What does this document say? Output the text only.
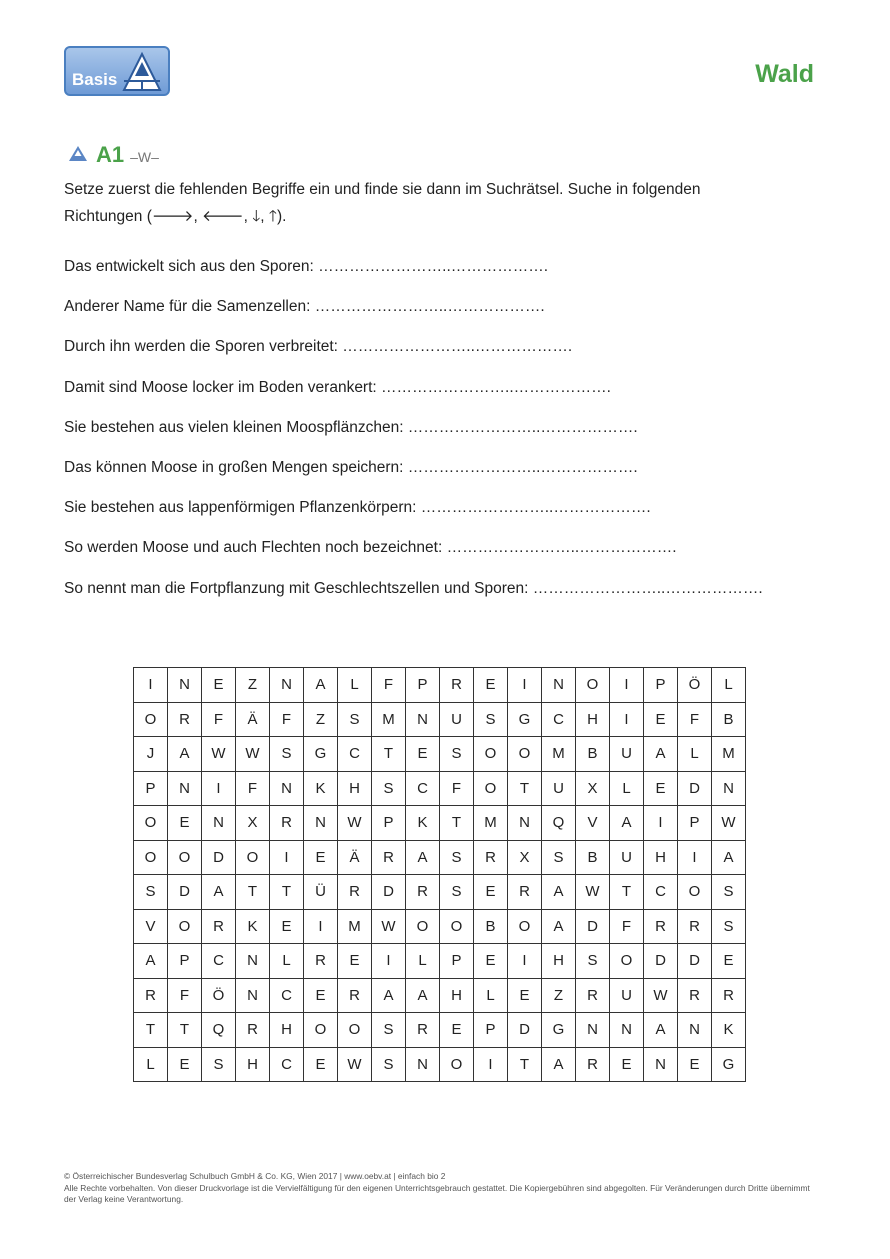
Basis	Wald
A1 –W–
Setze zuerst die fehlenden Begriffe ein und finde sie dann im Suchrätsel. Suche in folgenden
Richtungen (🡒, 🡐, 🡓, 🡑).
Das entwickelt sich aus den Sporen: ……………………..……………….
Anderer Name für die Samenzellen: ……………………..……………….
Durch ihn werden die Sporen verbreitet: ……………………..……………….
Damit sind Moose locker im Boden verankert: ……………………..……………….
Sie bestehen aus vielen kleinen Moospflänzchen: ……………………..……………….
Das können Moose in großen Mengen speichern: ……………………..……………….
Sie bestehen aus lappenförmigen Pflanzenkörpern: ……………………..……………….
So werden Moose und auch Flechten noch bezeichnet: ……………………..……………….
So nennt man die Fortpflanzung mit Geschlechtszellen und Sporen: ……………………..……………….
I	N	E	Z	N	A	L	F	P	R	E	I	N	O	I	P	Ö	L
O	R	F	Ä	F	Z	S	M	N	U	S	G	C	H	I	E	F	B
J	A	W	W	S	G	C	T	E	S	O	O	M	B	U	A	L	M
P	N	I	F	N	K	H	S	C	F	O	T	U	X	L	E	D	N
O	E	N	X	R	N	W	P	K	T	M	N	Q	V	A	I	P	W
O	O	D	O	I	E	Ä	R	A	S	R	X	S	B	U	H	I	A
S	D	A	T	T	Ü	R	D	R	S	E	R	A	W	T	C	O	S
V	O	R	K	E	I	M	W	O	O	B	O	A	D	F	R	R	S
A	P	C	N	L	R	E	I	L	P	E	I	H	S	O	D	D	E
R	F	Ö	N	C	E	R	A	A	H	L	E	Z	R	U	W	R	R
T	T	Q	R	H	O	O	S	R	E	P	D	G	N	N	A	N	K
L	E	S	H	C	E	W	S	N	O	I	T	A	R	E	N	E	G
© Österreichischer Bundesverlag Schulbuch GmbH & Co. KG, Wien 2017 | www.oebv.at | einfach bio 2
Alle Rechte vorbehalten. Von dieser Druckvorlage ist die Vervielfältigung für den eigenen Unterrichtsgebrauch gestattet. Die Kopiergebühren sind abgegolten. Für Veränderungen durch Dritte übernimmt der Verlag keine Verantwortung.
